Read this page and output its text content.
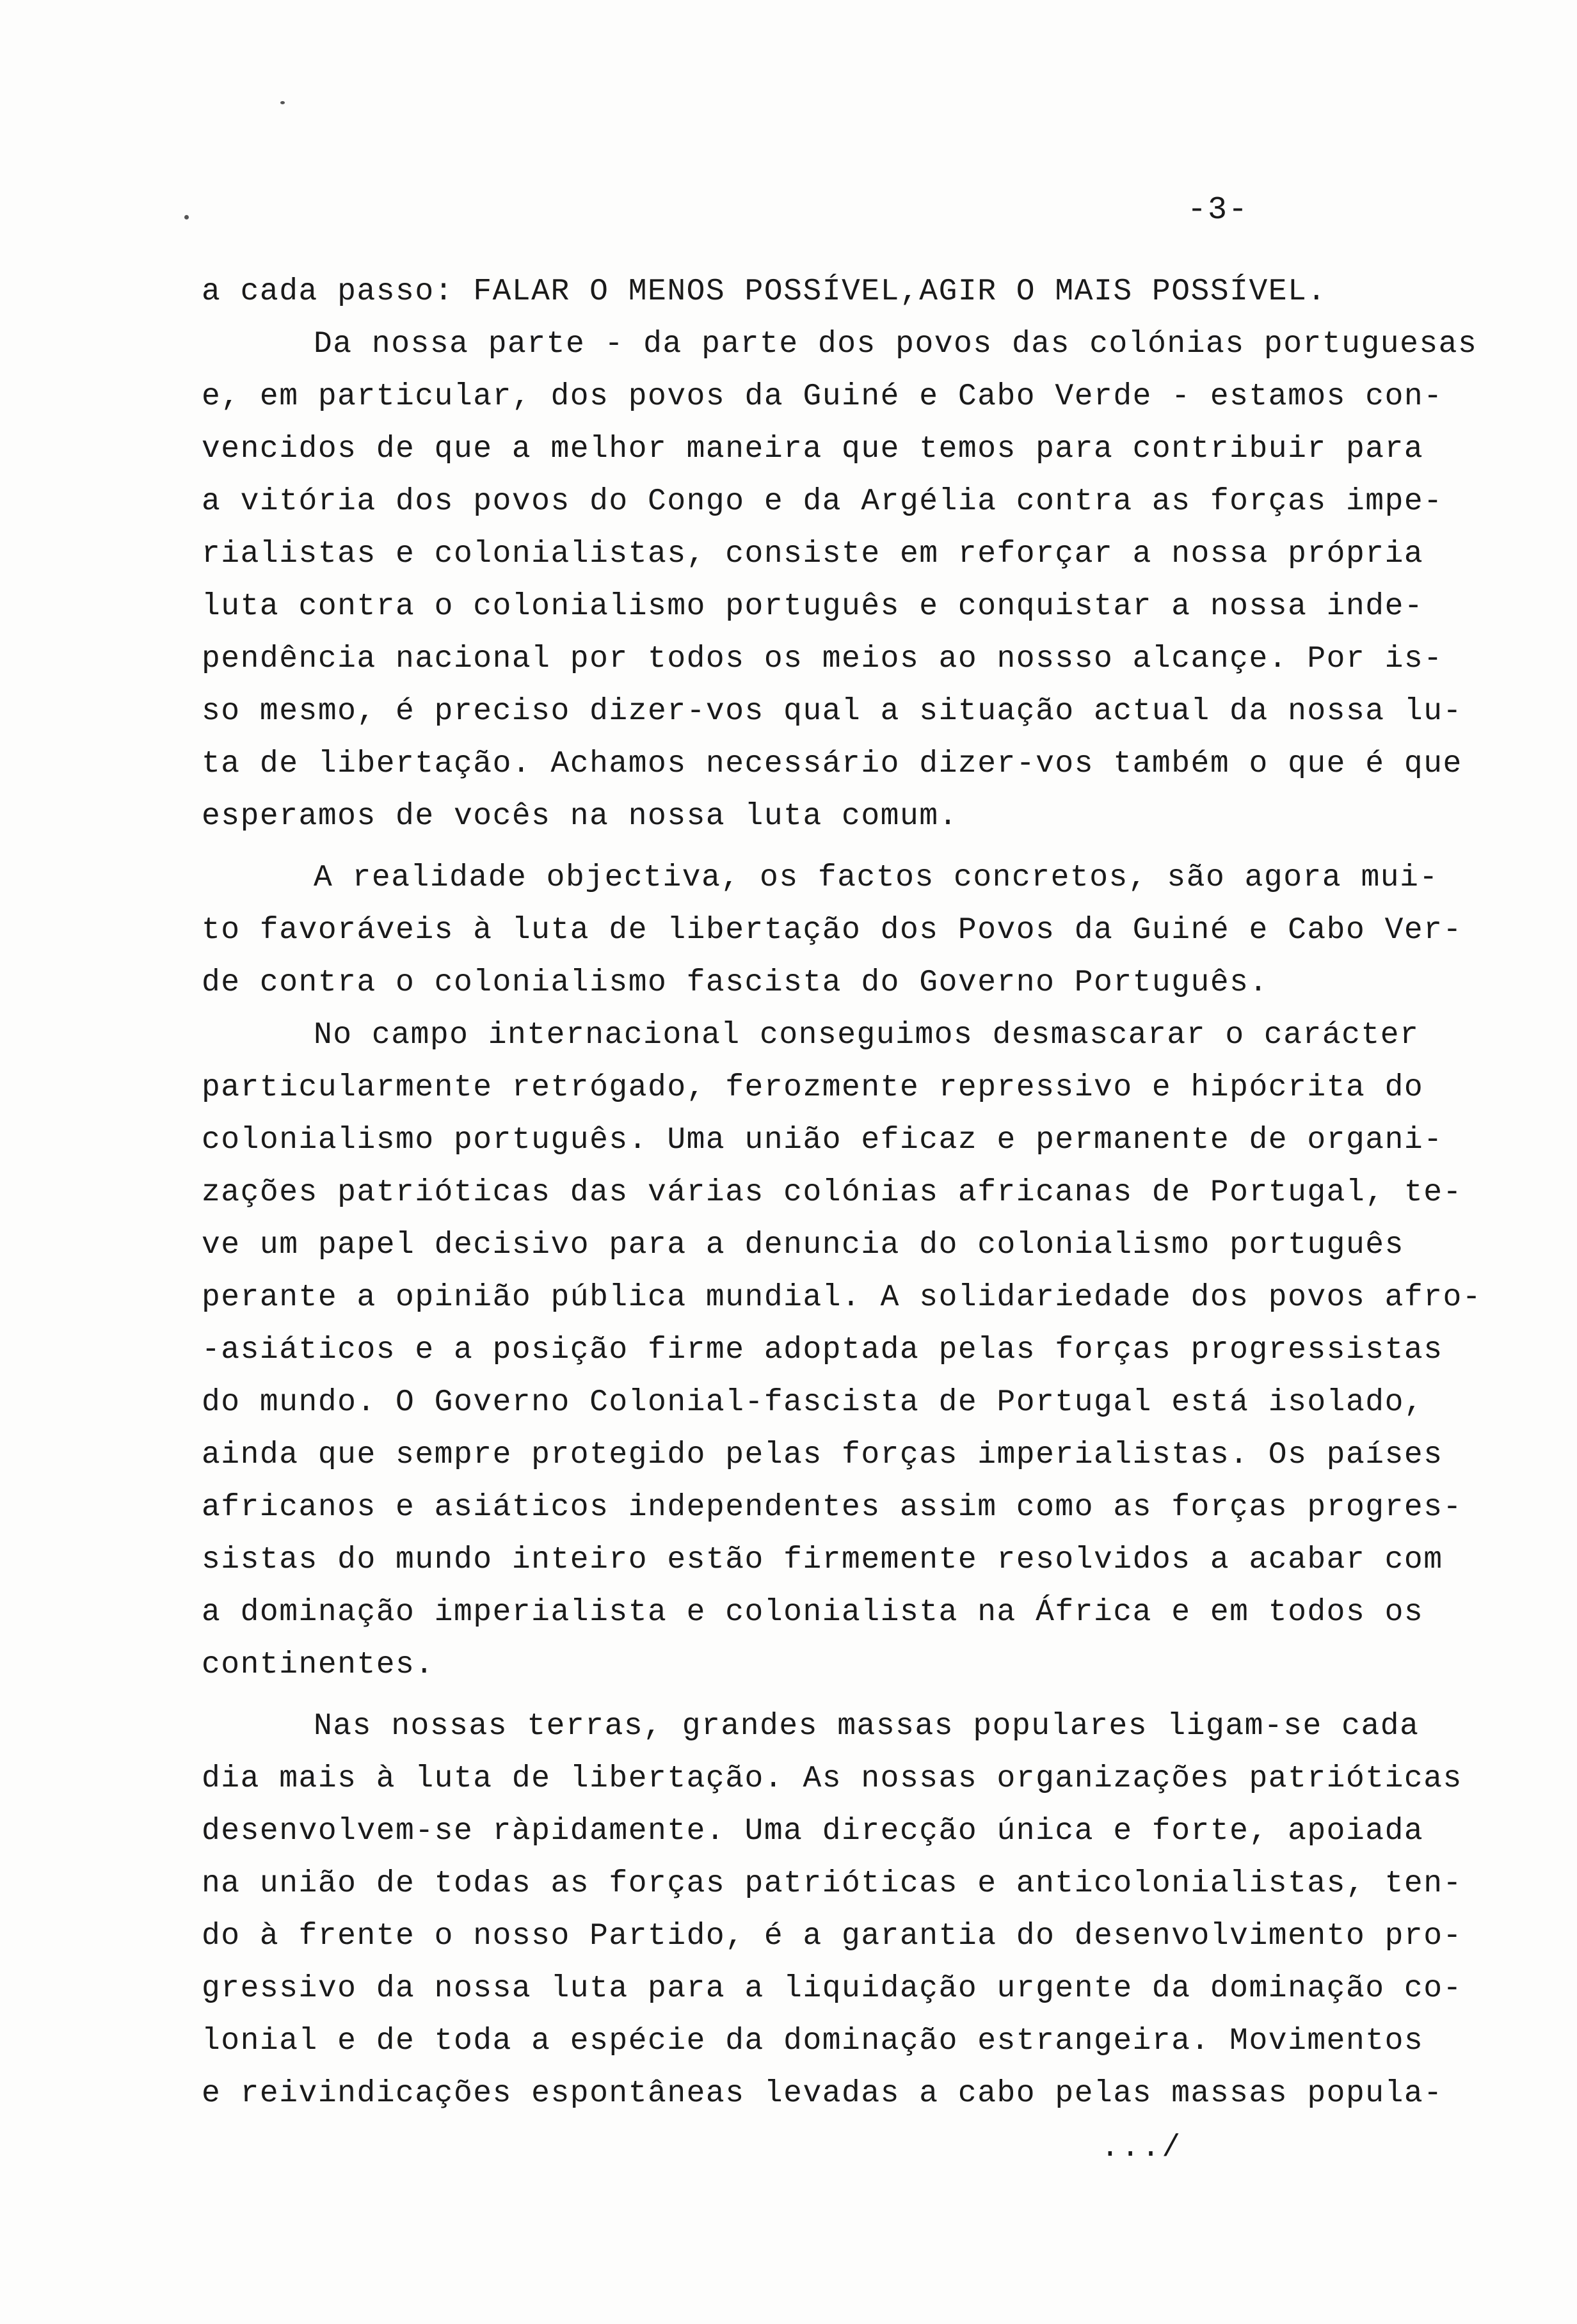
-3-
a cada passo: FALAR O MENOS POSSÍVEL,AGIR O MAIS POSSÍVEL.
Da nossa parte - da parte dos povos das colónias portuguesas
e, em particular, dos povos da Guiné e Cabo Verde - estamos con-
vencidos de que a melhor maneira que temos para contribuir para
a vitória dos povos do Congo e da Argélia contra as forças impe-
rialistas e colonialistas, consiste em reforçar a nossa própria
luta contra o colonialismo português e conquistar a nossa inde-
pendência nacional por todos os meios ao nossso alcançe. Por is-
so mesmo, é preciso dizer-vos qual a situação actual da nossa lu-
ta de libertação. Achamos necessário dizer-vos também o que é que
esperamos de vocês na nossa luta comum.
A realidade objectiva, os factos concretos, são agora mui-
to favoráveis à luta de libertação dos Povos da Guiné e Cabo Ver-
de contra o colonialismo fascista do Governo Português.
No campo internacional conseguimos desmascarar o carácter
particularmente retrógado, ferozmente repressivo e hipócrita do
colonialismo português. Uma união eficaz e permanente de organi-
zações patrióticas das várias colónias africanas de Portugal, te-
ve um papel decisivo para a denuncia do colonialismo português
perante a opinião pública mundial. A solidariedade dos povos afro-
-asiáticos e a posição firme adoptada pelas forças progressistas
do mundo. O Governo Colonial-fascista de Portugal está isolado,
ainda que sempre protegido pelas forças imperialistas. Os países
africanos e asiáticos independentes assim como as forças progres-
sistas do mundo inteiro estão firmemente resolvidos a acabar com
a dominação imperialista e colonialista na África e em todos os
continentes.
Nas nossas terras, grandes massas populares ligam-se cada
dia mais à luta de libertação. As nossas organizações patrióticas
desenvolvem-se ràpidamente. Uma direcção única e forte, apoiada
na união de todas as forças patrióticas e anticolonialistas, ten-
do à frente o nosso Partido, é a garantia do desenvolvimento pro-
gressivo da nossa luta para a liquidação urgente da dominação co-
lonial e de toda a espécie da dominação estrangeira. Movimentos
e reivindicações espontâneas levadas a cabo pelas massas popula-
.../
